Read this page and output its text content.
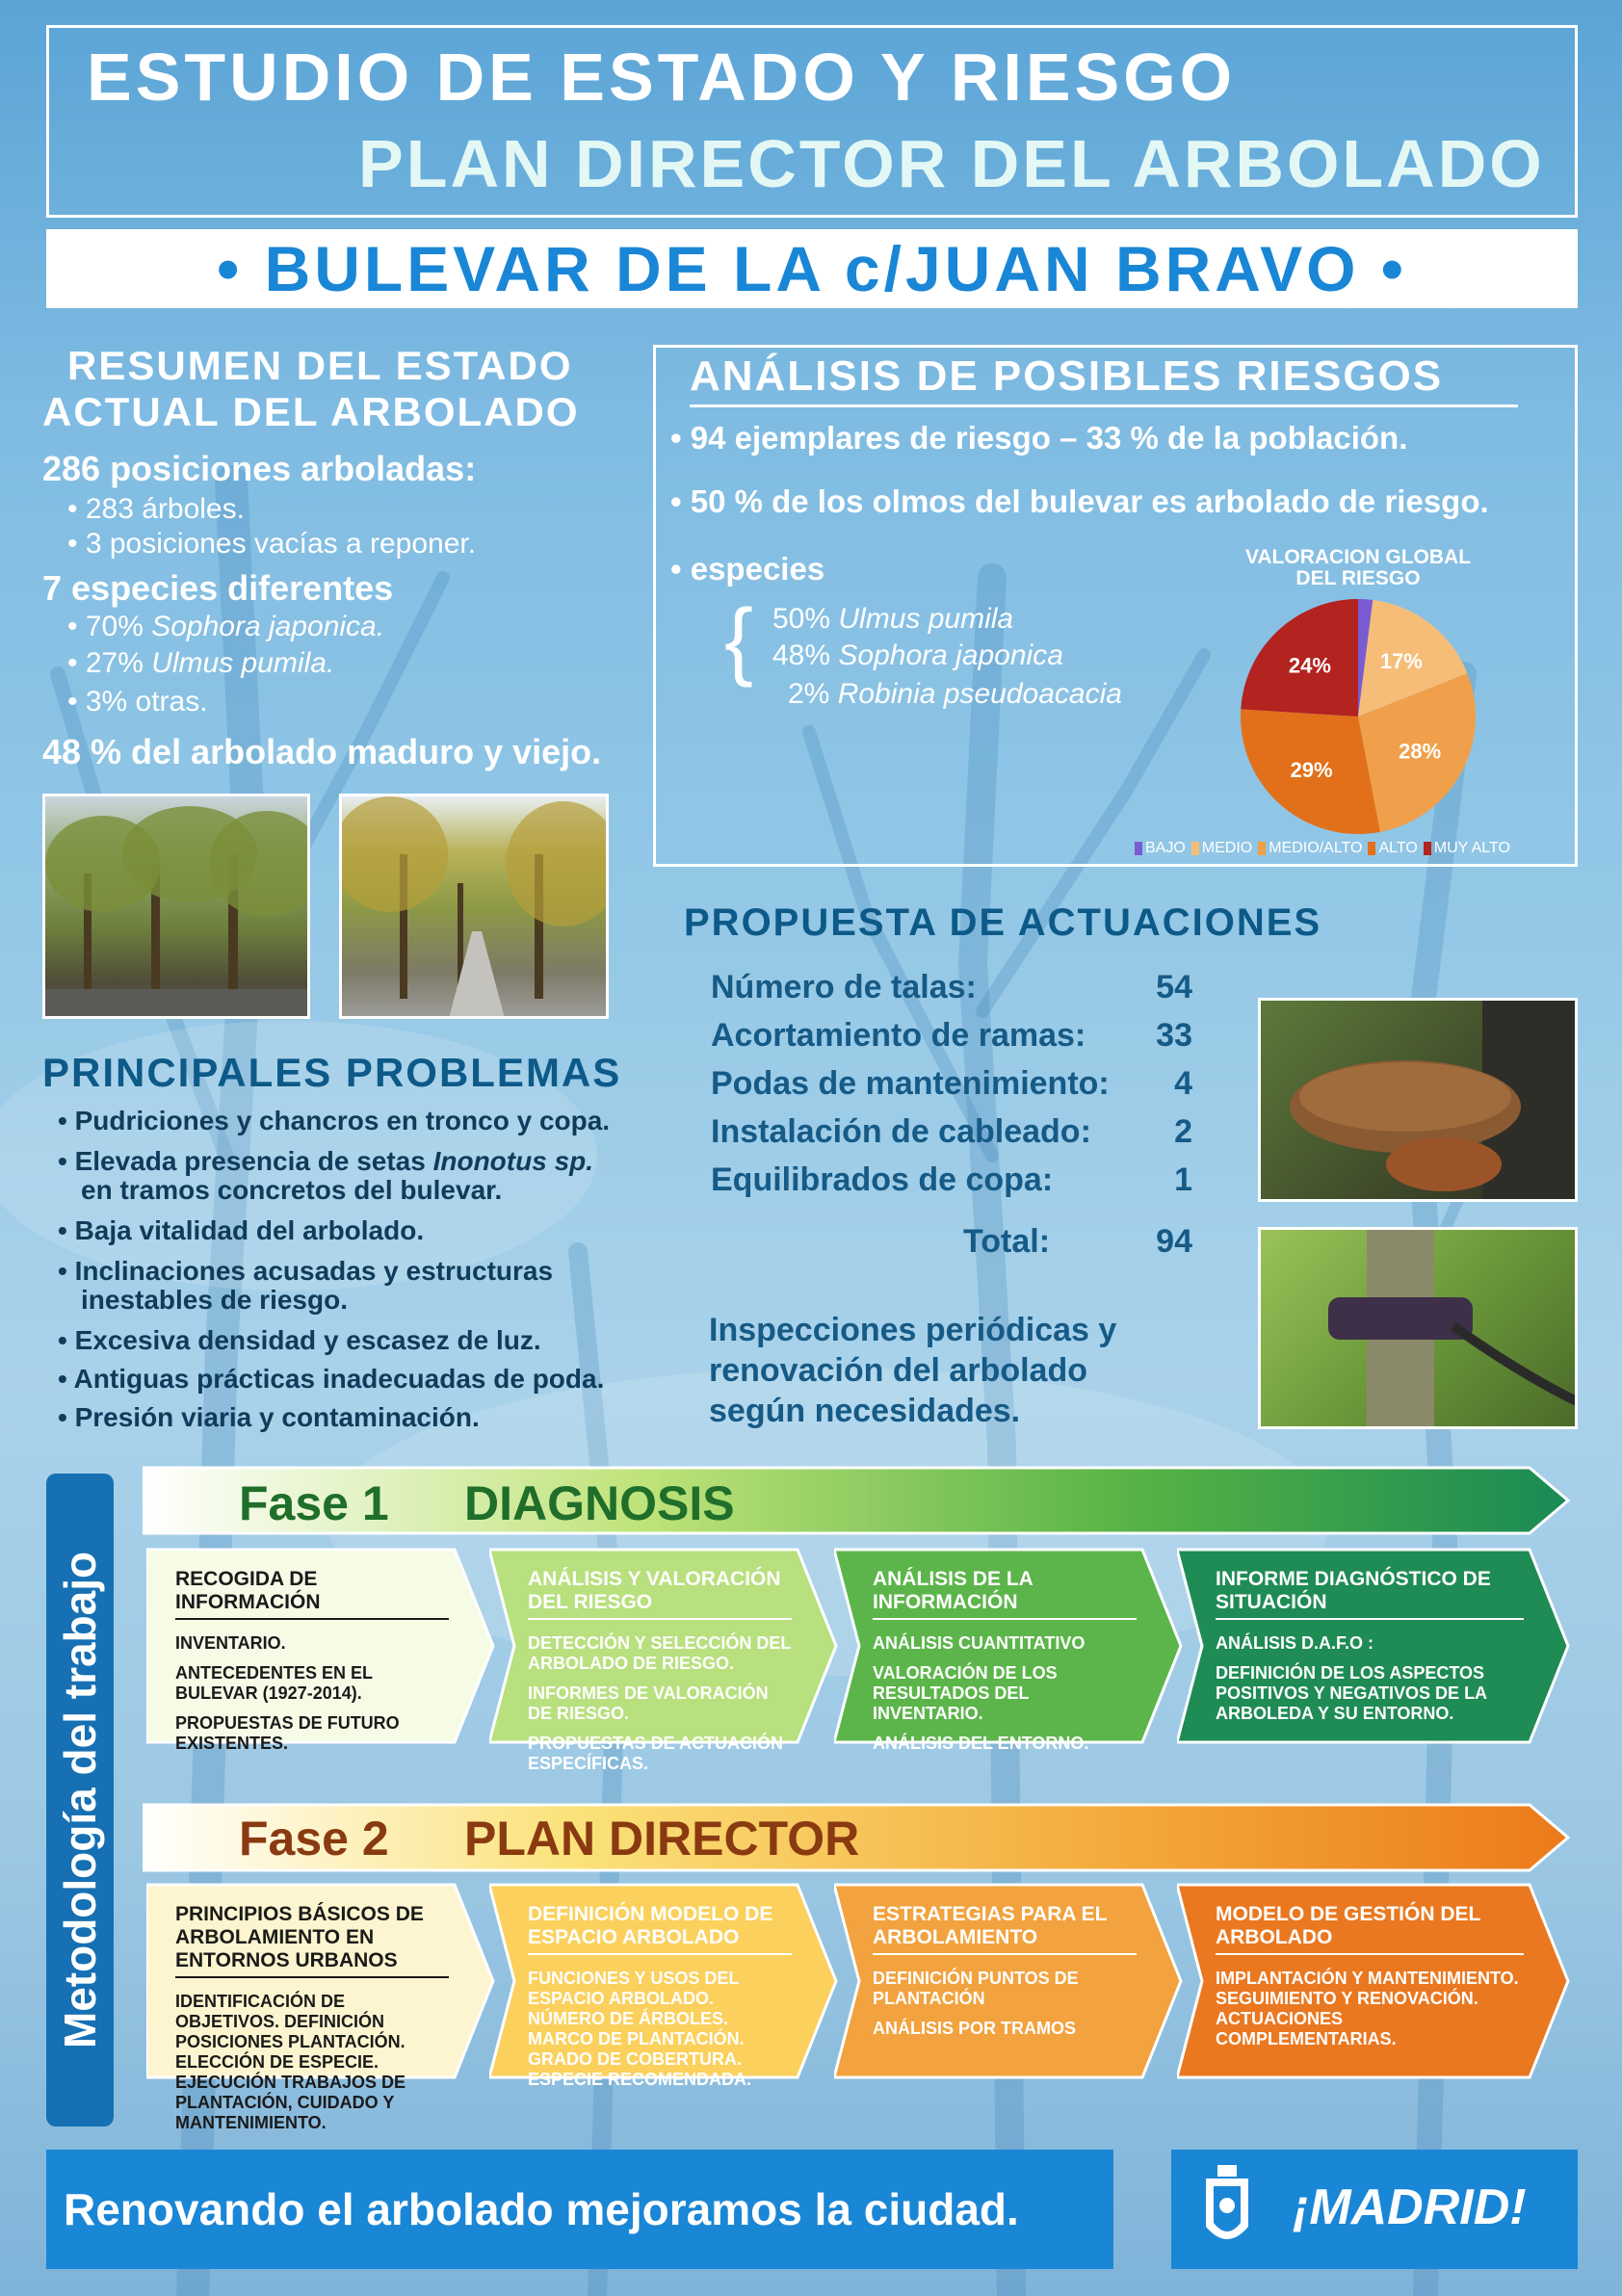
ESTUDIO DE ESTADO Y RIESGO
PLAN DIRECTOR DEL ARBOLADO
• BULEVAR DE LA c/JUAN BRAVO •
RESUMEN DEL ESTADO
ACTUAL DEL ARBOLADO
286 posiciones arboladas:
• 283 árboles.
• 3 posiciones vacías a reponer.
7 especies diferentes
• 70% Sophora japonica.
• 27% Ulmus pumila.
• 3% otras.
48 % del arbolado maduro y viejo.
ANÁLISIS DE POSIBLES RIESGOS
• 94 ejemplares de riesgo – 33 % de la población.
• 50 % de los olmos del bulevar es arbolado de riesgo.
• especies
{ 50% Ulmus pumila
48% Sophora japonica
2% Robinia pseudoacacia
VALORACION GLOBAL
DEL RIESGO
17%
28%
29%
24%
BAJO	MEDIO	MEDIO/ALTO	ALTO	MUY ALTO
PROPUESTA DE ACTUACIONES
Número de talas:	54
Acortamiento de ramas: 33
Podas de mantenimiento: 4
Instalación de cableado:	2
Equilibrados de copa:	1
Total:	94
Inspecciones periódicas y
renovación del arbolado
según necesidades.
PRINCIPALES PROBLEMAS
• Pudriciones y chancros en tronco y copa.
• Elevada presencia de setas Inonotus sp.
en tramos concretos del bulevar.
• Baja vitalidad del arbolado.
• Inclinaciones acusadas y estructuras
inestables de riesgo.
• Excesiva densidad y escasez de luz.
• Antiguas prácticas inadecuadas de poda.
• Presión viaria y contaminación.
Metodología del trabajo
Fase 1 DIAGNOSIS
RECOGIDA DE INFORMACIÓN
INVENTARIO.
ANTECEDENTES EN EL BULEVAR (1927-2014).
PROPUESTAS DE FUTURO EXISTENTES.
ANÁLISIS Y VALORACIÓN DEL RIESGO
DETECCIÓN Y SELECCIÓN DEL ARBOLADO DE RIESGO.
INFORMES DE VALORACIÓN DE RIESGO.
PROPUESTAS DE ACTUACIÓN ESPECÍFICAS.
ANÁLISIS DE LA INFORMACIÓN
ANÁLISIS CUANTITATIVO
VALORACIÓN DE LOS RESULTADOS DEL INVENTARIO.
ANÁLISIS DEL ENTORNO.
INFORME DIAGNÓSTICO DE SITUACIÓN
ANÁLISIS D.A.F.O :
DEFINICIÓN DE LOS ASPECTOS POSITIVOS Y NEGATIVOS DE LA ARBOLEDA Y SU ENTORNO.
Fase 2 PLAN DIRECTOR
PRINCIPIOS BÁSICOS DE ARBOLAMIENTO EN ENTORNOS URBANOS
IDENTIFICACIÓN DE OBJETIVOS. DEFINICIÓN POSICIONES PLANTACIÓN. ELECCIÓN DE ESPECIE. EJECUCIÓN TRABAJOS DE PLANTACIÓN, CUIDADO Y MANTENIMIENTO.
DEFINICIÓN MODELO DE ESPACIO ARBOLADO
FUNCIONES Y USOS DEL ESPACIO ARBOLADO. NÚMERO DE ÁRBOLES. MARCO DE PLANTACIÓN. GRADO DE COBERTURA. ESPECIE RECOMENDADA.
ESTRATEGIAS PARA EL ARBOLAMIENTO
DEFINICIÓN PUNTOS DE PLANTACIÓN
ANÁLISIS POR TRAMOS
MODELO DE GESTIÓN DEL ARBOLADO
IMPLANTACIÓN Y MANTENIMIENTO. SEGUIMIENTO Y RENOVACIÓN. ACTUACIONES COMPLEMENTARIAS.
Renovando el arbolado mejoramos la ciudad.	¡MADRID!
